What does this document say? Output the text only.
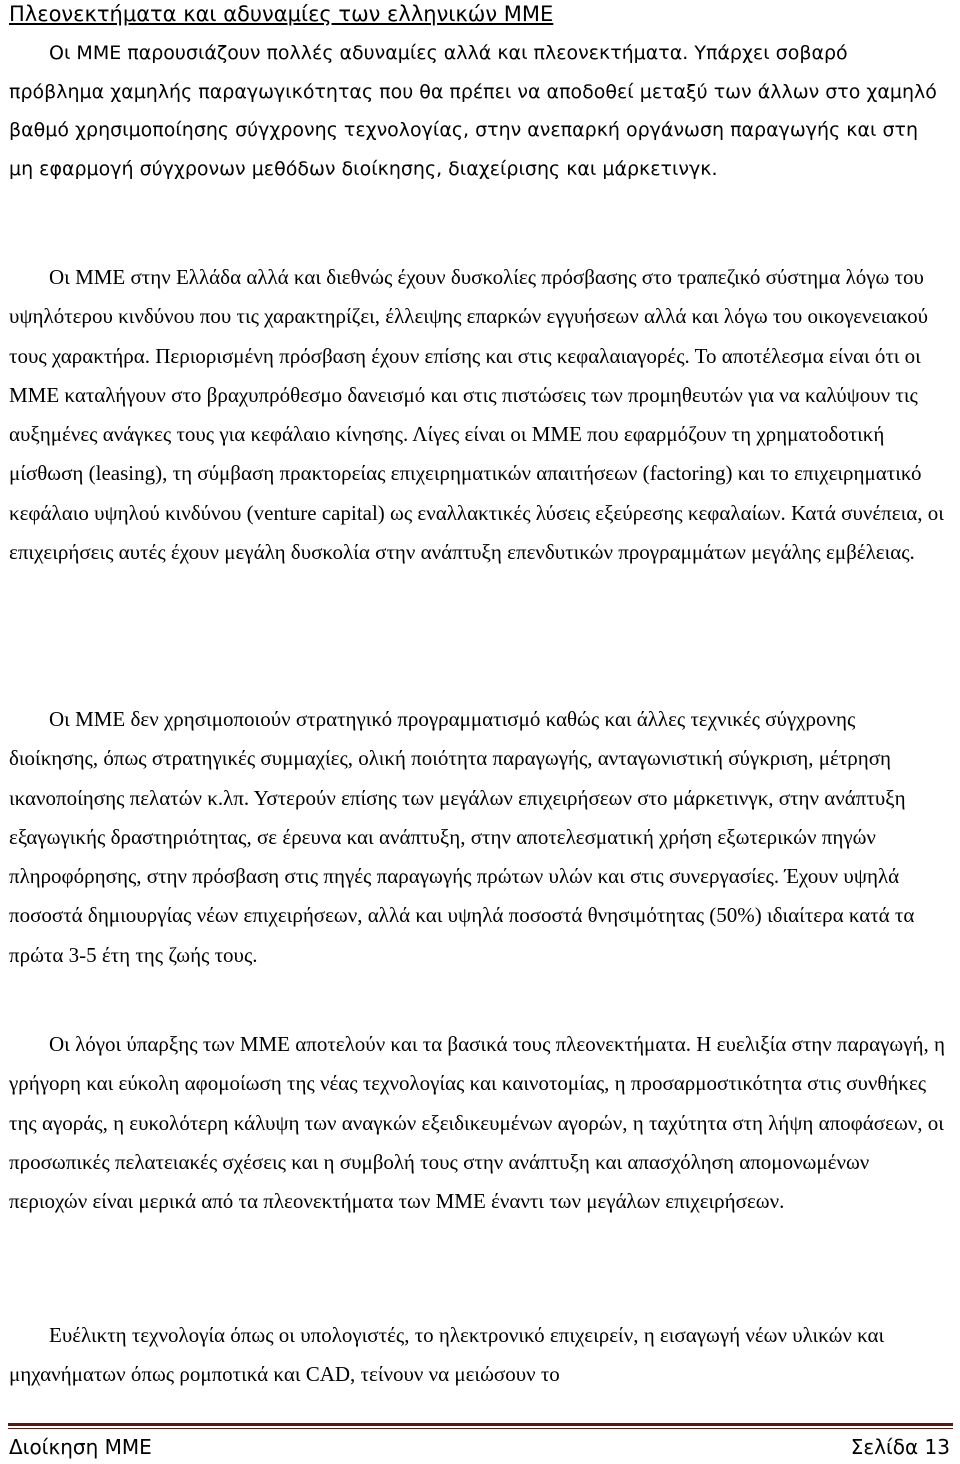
Πλεονεκτήματα και αδυναμίες των ελληνικών ΜΜΕ

Οι ΜΜΕ παρουσιάζουν πολλές αδυναμίες αλλά και πλεονεκτήματα. Υπάρχει σοβαρό πρόβλημα χαμηλής παραγωγικότητας που θα πρέπει να αποδοθεί μεταξύ των άλλων στο χαμηλό βαθμό χρησιμοποίησης σύγχρονης τεχνολογίας, στην ανεπαρκή οργάνωση παραγωγής και στη μη εφαρμογή σύγχρονων μεθόδων διοίκησης, διαχείρισης και μάρκετινγκ.

Οι ΜΜΕ στην Ελλάδα αλλά και διεθνώς έχουν δυσκολίες πρόσβασης στο τραπεζικό σύστημα λόγω του υψηλότερου κινδύνου που τις χαρακτηρίζει, έλλειψης επαρκών εγγυήσεων αλλά και λόγω του οικογενειακού τους χαρακτήρα. Περιορισμένη πρόσβαση έχουν επίσης και στις κεφαλαιαγορές. Το αποτέλεσμα είναι ότι οι ΜΜΕ καταλήγουν στο βραχυπρόθεσμο δανεισμό και στις πιστώσεις των προμηθευτών για να καλύψουν τις αυξημένες ανάγκες τους για κεφάλαιο κίνησης. Λίγες είναι οι ΜΜΕ που εφαρμόζουν τη χρηματοδοτική μίσθωση (leasing), τη σύμβαση πρακτορείας επιχειρηματικών απαιτήσεων (factoring) και το επιχειρηματικό κεφάλαιο υψηλού κινδύνου (venture capital) ως εναλλακτικές λύσεις εξεύρεσης κεφαλαίων. Κατά συνέπεια, οι επιχειρήσεις αυτές έχουν μεγάλη δυσκολία στην ανάπτυξη επενδυτικών προγραμμάτων μεγάλης εμβέλειας.

Οι ΜΜΕ δεν χρησιμοποιούν στρατηγικό προγραμματισμό καθώς και άλλες τεχνικές σύγχρονης διοίκησης, όπως στρατηγικές συμμαχίες, ολική ποιότητα παραγωγής, ανταγωνιστική σύγκριση, μέτρηση ικανοποίησης πελατών κ.λπ. Υστερούν επίσης των μεγάλων επιχειρήσεων στο μάρκετινγκ, στην ανάπτυξη εξαγωγικής δραστηριότητας, σε έρευνα και ανάπτυξη, στην αποτελεσματική χρήση εξωτερικών πηγών πληροφόρησης, στην πρόσβαση στις πηγές παραγωγής πρώτων υλών και στις συνεργασίες. Έχουν υψηλά ποσοστά δημιουργίας νέων επιχειρήσεων, αλλά και υψηλά ποσοστά θνησιμότητας (50%) ιδιαίτερα κατά τα πρώτα 3-5 έτη της ζωής τους.

Οι λόγοι ύπαρξης των ΜΜΕ αποτελούν και τα βασικά τους πλεονεκτήματα. Η ευελιξία στην παραγωγή, η γρήγορη και εύκολη αφομοίωση της νέας τεχνολογίας και καινοτομίας, η προσαρμοστικότητα στις συνθήκες της αγοράς, η ευκολότερη κάλυψη των αναγκών εξειδικευμένων αγορών, η ταχύτητα στη λήψη αποφάσεων, οι προσωπικές πελατειακές σχέσεις και η συμβολή τους στην ανάπτυξη και απασχόληση απομονωμένων περιοχών είναι μερικά από τα πλεονεκτήματα των ΜΜΕ έναντι των μεγάλων επιχειρήσεων.

Ευέλικτη τεχνολογία όπως οι υπολογιστές, το ηλεκτρονικό επιχειρείν, η εισαγωγή νέων υλικών και μηχανήματων όπως ρομποτικά και CAD, τείνουν να μειώσουν το

Διοίκηση ΜΜΕ	Σελίδα 13
